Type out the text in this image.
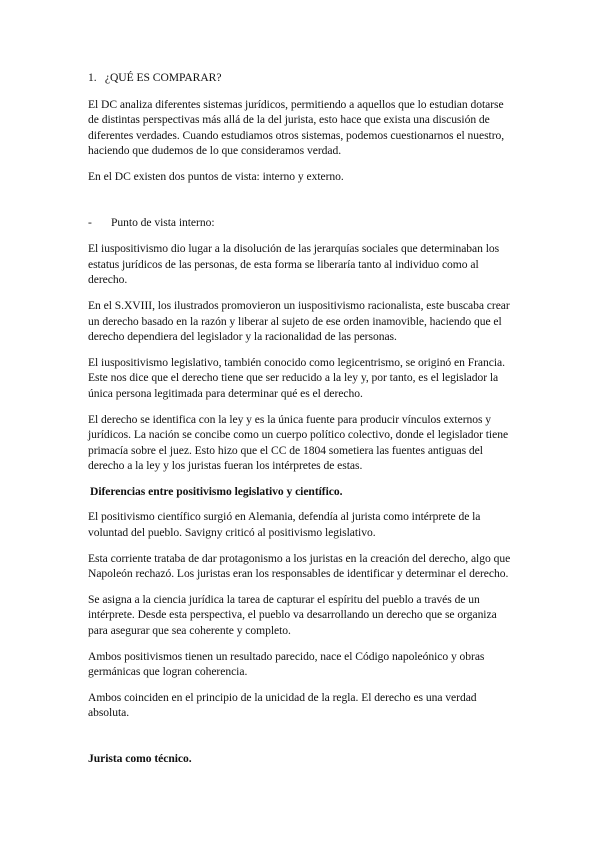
1. ¿QUÉ ES COMPARAR?

El DC analiza diferentes sistemas jurídicos, permitiendo a aquellos que lo estudian dotarse de distintas perspectivas más allá de la del jurista, esto hace que exista una discusión de diferentes verdades. Cuando estudiamos otros sistemas, podemos cuestionarnos el nuestro, haciendo que dudemos de lo que consideramos verdad.

En el DC existen dos puntos de vista: interno y externo.

- Punto de vista interno:

El iuspositivismo dio lugar a la disolución de las jerarquías sociales que determinaban los estatus jurídicos de las personas, de esta forma se liberaría tanto al individuo como al derecho.

En el S.XVIII, los ilustrados promovieron un iuspositivismo racionalista, este buscaba crear un derecho basado en la razón y liberar al sujeto de ese orden inamovible, haciendo que el derecho dependiera del legislador y la racionalidad de las personas.

El iuspositivismo legislativo, también conocido como legicentrismo, se originó en Francia. Este nos dice que el derecho tiene que ser reducido a la ley y, por tanto, es el legislador la única persona legitimada para determinar qué es el derecho.

El derecho se identifica con la ley y es la única fuente para producir vínculos externos y jurídicos. La nación se concibe como un cuerpo político colectivo, donde el legislador tiene primacía sobre el juez. Esto hizo que el CC de 1804 sometiera las fuentes antiguas del derecho a la ley y los juristas fueran los intérpretes de estas.

Diferencias entre positivismo legislativo y científico.

El positivismo científico surgió en Alemania, defendía al jurista como intérprete de la voluntad del pueblo. Savigny criticó al positivismo legislativo.

Esta corriente trataba de dar protagonismo a los juristas en la creación del derecho, algo que Napoleón rechazó. Los juristas eran los responsables de identificar y determinar el derecho.

Se asigna a la ciencia jurídica la tarea de capturar el espíritu del pueblo a través de un intérprete. Desde esta perspectiva, el pueblo va desarrollando un derecho que se organiza para asegurar que sea coherente y completo.

Ambos positivismos tienen un resultado parecido, nace el Código napoleónico y obras germánicas que logran coherencia.

Ambos coinciden en el principio de la unicidad de la regla. El derecho es una verdad absoluta.

Jurista como técnico.
